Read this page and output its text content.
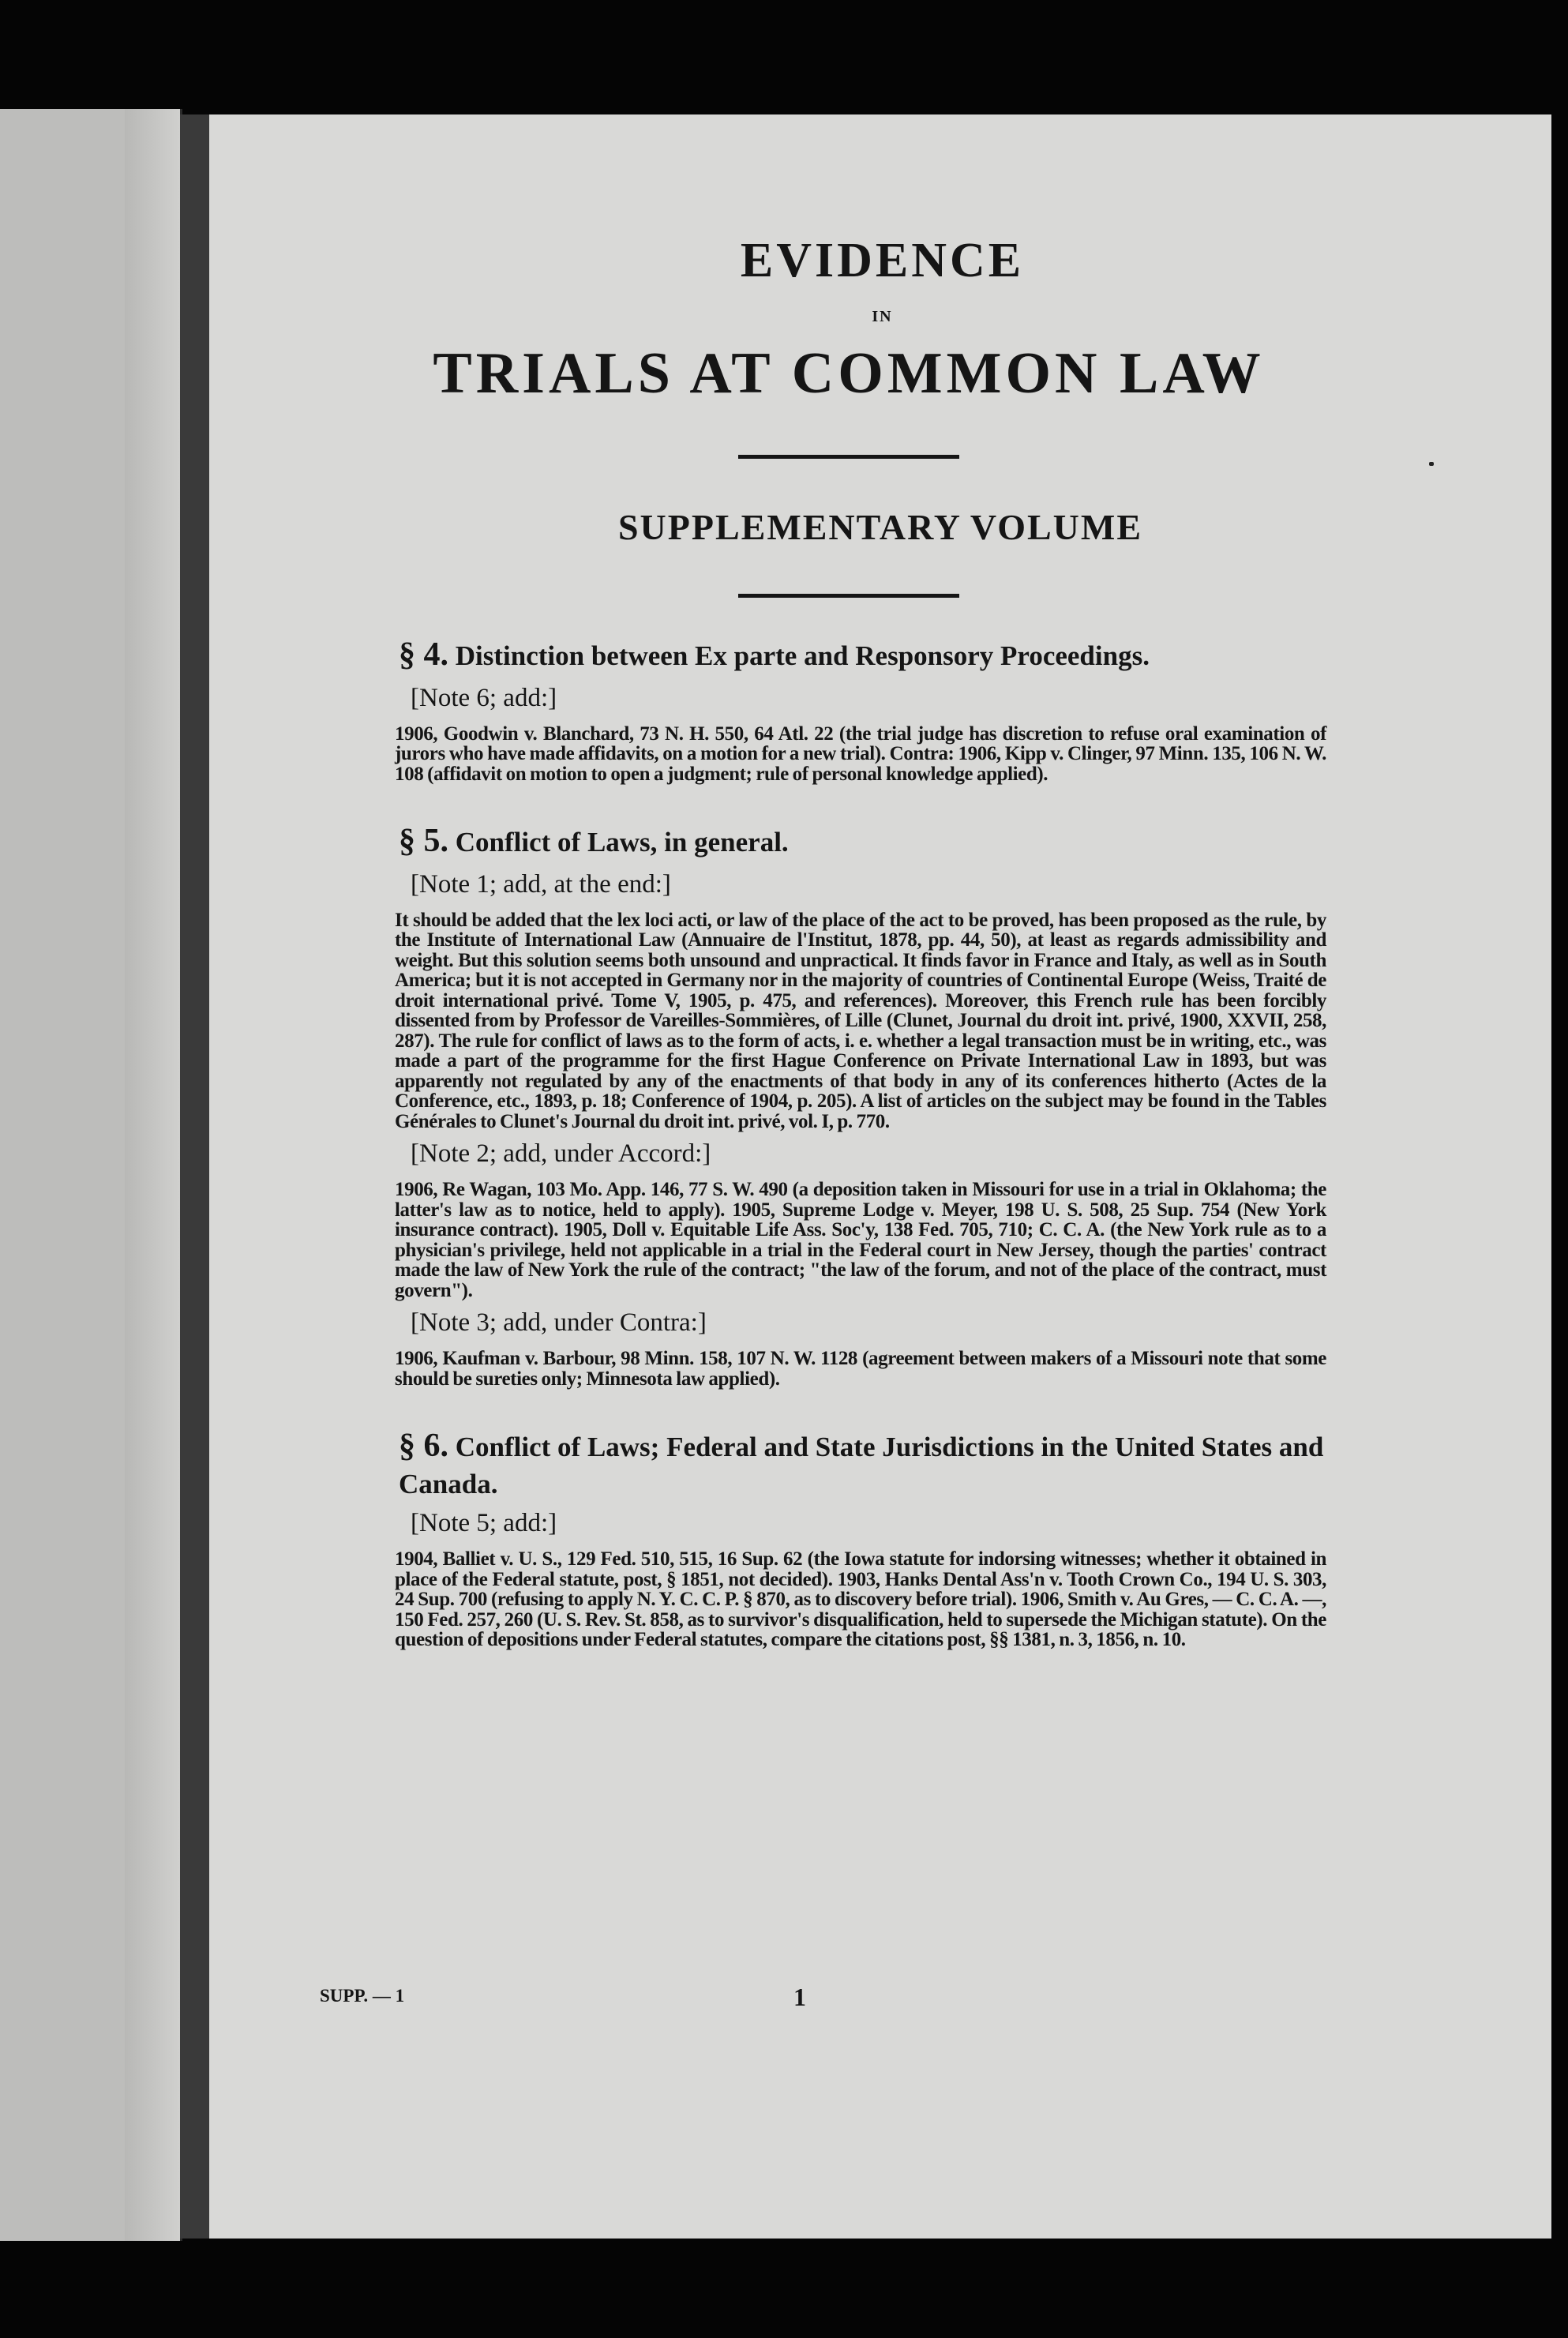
EVIDENCE
IN
TRIALS AT COMMON LAW
SUPPLEMENTARY VOLUME
§ 4. Distinction between Ex parte and Responsory Proceedings.
[Note 6; add:]
1906, Goodwin v. Blanchard, 73 N. H. 550, 64 Atl. 22 (the trial judge has discretion to refuse oral examination of jurors who have made affidavits, on a motion for a new trial). Contra: 1906, Kipp v. Clinger, 97 Minn. 135, 106 N. W. 108 (affidavit on motion to open a judgment; rule of personal knowledge applied).
§ 5. Conflict of Laws, in general.
[Note 1; add, at the end:]
It should be added that the lex loci acti, or law of the place of the act to be proved, has been proposed as the rule, by the Institute of International Law (Annuaire de l'Institut, 1878, pp. 44, 50), at least as regards admissibility and weight. But this solution seems both unsound and unpractical. It finds favor in France and Italy, as well as in South America; but it is not accepted in Germany nor in the majority of countries of Continental Europe (Weiss, Traité de droit international privé. Tome V, 1905, p. 475, and references). Moreover, this French rule has been forcibly dissented from by Professor de Vareilles-Sommières, of Lille (Clunet, Journal du droit int. privé, 1900, XXVII, 258, 287). The rule for conflict of laws as to the form of acts, i. e. whether a legal transaction must be in writing, etc., was made a part of the programme for the first Hague Conference on Private International Law in 1893, but was apparently not regulated by any of the enactments of that body in any of its conferences hitherto (Actes de la Conference, etc., 1893, p. 18; Conference of 1904, p. 205). A list of articles on the subject may be found in the Tables Générales to Clunet's Journal du droit int. privé, vol. I, p. 770.
[Note 2; add, under Accord:]
1906, Re Wagan, 103 Mo. App. 146, 77 S. W. 490 (a deposition taken in Missouri for use in a trial in Oklahoma; the latter's law as to notice, held to apply). 1905, Supreme Lodge v. Meyer, 198 U. S. 508, 25 Sup. 754 (New York insurance contract). 1905, Doll v. Equitable Life Ass. Soc'y, 138 Fed. 705, 710; C. C. A. (the New York rule as to a physician's privilege, held not applicable in a trial in the Federal court in New Jersey, though the parties' contract made the law of New York the rule of the contract; "the law of the forum, and not of the place of the contract, must govern").
[Note 3; add, under Contra:]
1906, Kaufman v. Barbour, 98 Minn. 158, 107 N. W. 1128 (agreement between makers of a Missouri note that some should be sureties only; Minnesota law applied).
§ 6. Conflict of Laws; Federal and State Jurisdictions in the United States and Canada.
[Note 5; add:]
1904, Balliet v. U. S., 129 Fed. 510, 515, 16 Sup. 62 (the Iowa statute for indorsing witnesses; whether it obtained in place of the Federal statute, post, § 1851, not decided). 1903, Hanks Dental Ass'n v. Tooth Crown Co., 194 U. S. 303, 24 Sup. 700 (refusing to apply N. Y. C. C. P. § 870, as to discovery before trial). 1906, Smith v. Au Gres, — C. C. A. —, 150 Fed. 257, 260 (U. S. Rev. St. 858, as to survivor's disqualification, held to supersede the Michigan statute). On the question of depositions under Federal statutes, compare the citations post, §§ 1381, n. 3, 1856, n. 10.
SUPP. — 1	1
